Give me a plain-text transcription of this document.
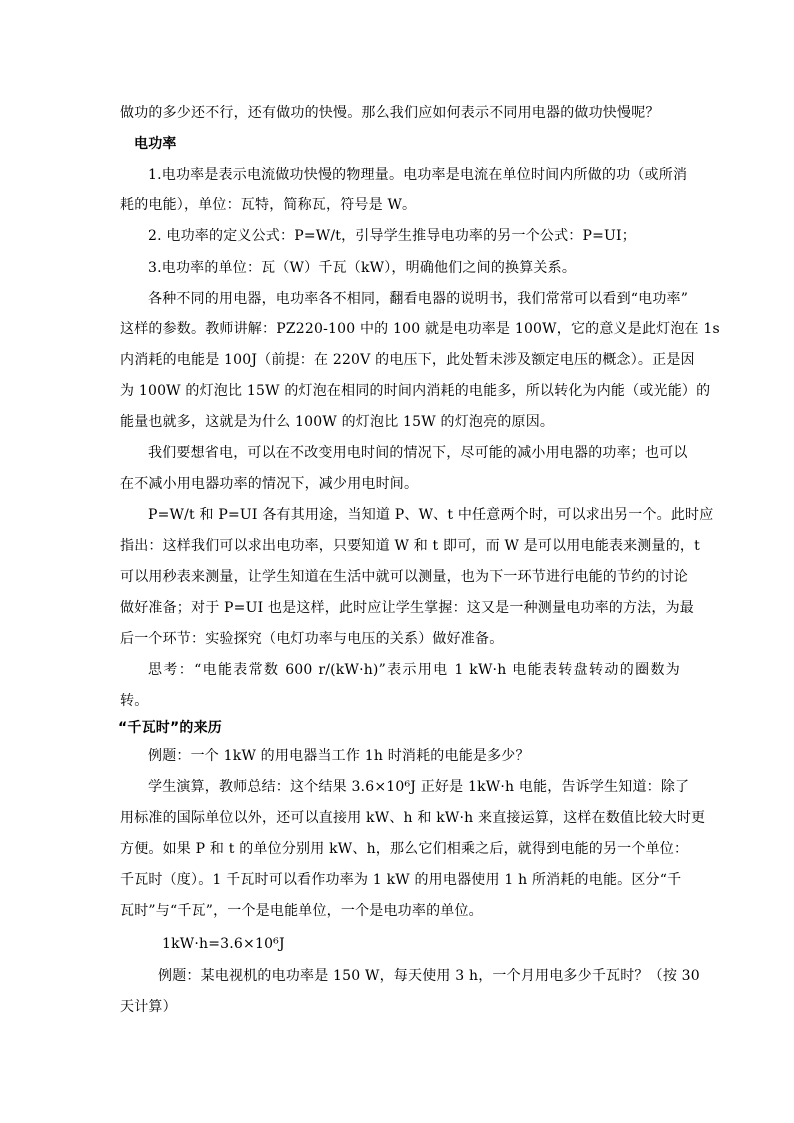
做功的多少还不行，还有做功的快慢。那么我们应如何表示不同用电器的做功快慢呢？
电功率
1.电功率是表示电流做功快慢的物理量。电功率是电流在单位时间内所做的功（或所消
耗的电能），单位：瓦特，简称瓦，符号是 W。
2. 电功率的定义公式：P=W/t，引导学生推导电功率的另一个公式：P=UI；
3.电功率的单位：瓦（W）千瓦（kW），明确他们之间的换算关系。
各种不同的用电器，电功率各不相同，翻看电器的说明书，我们常常可以看到“电功率”
这样的参数。教师讲解：PZ220-100 中的 100 就是电功率是 100W，它的意义是此灯泡在 1s
内消耗的电能是 100J（前提：在 220V 的电压下，此处暂未涉及额定电压的概念）。正是因
为 100W 的灯泡比 15W 的灯泡在相同的时间内消耗的电能多，所以转化为内能（或光能）的
能量也就多，这就是为什么 100W 的灯泡比 15W 的灯泡亮的原因。
我们要想省电，可以在不改变用电时间的情况下，尽可能的减小用电器的功率；也可以
在不减小用电器功率的情况下，减少用电时间。
P=W/t 和 P=UI 各有其用途，当知道 P、W、t 中任意两个时，可以求出另一个。此时应
指出：这样我们可以求出电功率，只要知道 W 和 t 即可，而 W 是可以用电能表来测量的，t
可以用秒表来测量，让学生知道在生活中就可以测量，也为下一环节进行电能的节约的讨论
做好准备；对于 P=UI 也是这样，此时应让学生掌握：这又是一种测量电功率的方法，为最
后一个环节：实验探究（电灯功率与电压的关系）做好准备。
思考：“电能表常数 600 r/(kW·h)”表示用电 1 kW·h 电能表转盘转动的圈数为
转。
“千瓦时”的来历
例题：一个 1kW 的用电器当工作 1h 时消耗的电能是多少？
学生演算，教师总结：这个结果 3.6×10⁶J 正好是 1kW·h 电能，告诉学生知道：除了
用标准的国际单位以外，还可以直接用 kW、h 和 kW·h 来直接运算，这样在数值比较大时更
方便。如果 P 和 t 的单位分别用 kW、h，那么它们相乘之后，就得到电能的另一个单位：
千瓦时（度）。1 千瓦时可以看作功率为 1 kW 的用电器使用 1 h 所消耗的电能。区分“千
瓦时”与“千瓦”，一个是电能单位，一个是电功率的单位。
1kW·h=3.6×10⁶J
例题：某电视机的电功率是 150 W，每天使用 3 h，一个月用电多少千瓦时？（按 30
天计算）
